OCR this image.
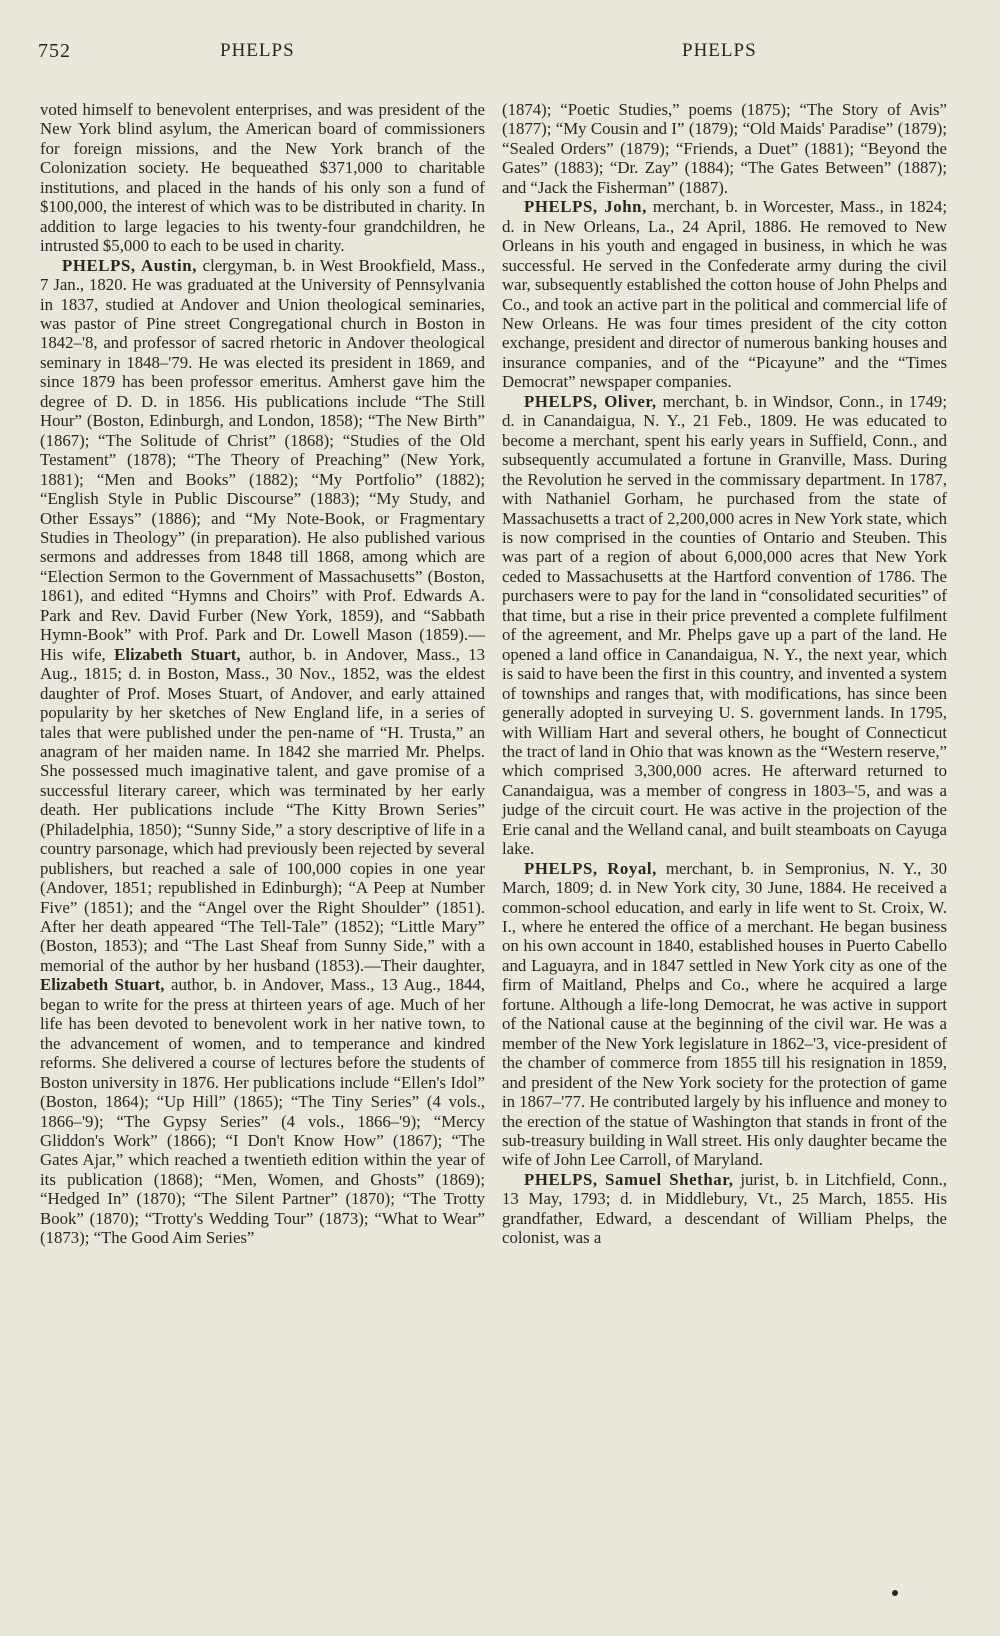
752	PHELPS	PHELPS

voted himself to benevolent enterprises, and was president of the New York blind asylum, the American board of commissioners for foreign missions, and the New York branch of the Colonization society. He bequeathed $371,000 to charitable institutions, and placed in the hands of his only son a fund of $100,000, the interest of which was to be distributed in charity. In addition to large legacies to his twenty-four grandchildren, he intrusted $5,000 to each to be used in charity.

PHELPS, Austin, clergyman, b. in West Brookfield, Mass., 7 Jan., 1820. He was graduated at the University of Pennsylvania in 1837, studied at Andover and Union theological seminaries, was pastor of Pine street Congregational church in Boston in 1842–'8, and professor of sacred rhetoric in Andover theological seminary in 1848–'79. He was elected its president in 1869, and since 1879 has been professor emeritus. Amherst gave him the degree of D. D. in 1856. His publications include “The Still Hour” (Boston, Edinburgh, and London, 1858); “The New Birth” (1867); “The Solitude of Christ” (1868); “Studies of the Old Testament” (1878); “The Theory of Preaching” (New York, 1881); “Men and Books” (1882); “My Portfolio” (1882); “English Style in Public Discourse” (1883); “My Study, and Other Essays” (1886); and “My Note-Book, or Fragmentary Studies in Theology” (in preparation). He also published various sermons and addresses from 1848 till 1868, among which are “Election Sermon to the Government of Massachusetts” (Boston, 1861), and edited “Hymns and Choirs” with Prof. Edwards A. Park and Rev. David Furber (New York, 1859), and “Sabbath Hymn-Book” with Prof. Park and Dr. Lowell Mason (1859).—His wife, Elizabeth Stuart, author, b. in Andover, Mass., 13 Aug., 1815; d. in Boston, Mass., 30 Nov., 1852, was the eldest daughter of Prof. Moses Stuart, of Andover, and early attained popularity by her sketches of New England life, in a series of tales that were published under the pen-name of “H. Trusta,” an anagram of her maiden name. In 1842 she married Mr. Phelps. She possessed much imaginative talent, and gave promise of a successful literary career, which was terminated by her early death. Her publications include “The Kitty Brown Series” (Philadelphia, 1850); “Sunny Side,” a story descriptive of life in a country parsonage, which had previously been rejected by several publishers, but reached a sale of 100,000 copies in one year (Andover, 1851; republished in Edinburgh); “A Peep at Number Five” (1851); and the “Angel over the Right Shoulder” (1851). After her death appeared “The Tell-Tale” (1852); “Little Mary” (Boston, 1853); and “The Last Sheaf from Sunny Side,” with a memorial of the author by her husband (1853).—Their daughter, Elizabeth Stuart, author, b. in Andover, Mass., 13 Aug., 1844, began to write for the press at thirteen years of age. Much of her life has been devoted to benevolent work in her native town, to the advancement of women, and to temperance and kindred reforms. She delivered a course of lectures before the students of Boston university in 1876. Her publications include “Ellen's Idol” (Boston, 1864); “Up Hill” (1865); “The Tiny Series” (4 vols., 1866–'9); “The Gypsy Series” (4 vols., 1866–'9); “Mercy Gliddon's Work” (1866); “I Don't Know How” (1867); “The Gates Ajar,” which reached a twentieth edition within the year of its publication (1868); “Men, Women, and Ghosts” (1869); “Hedged In” (1870); “The Silent Partner” (1870); “The Trotty Book” (1870); “Trotty's Wedding Tour” (1873); “What to Wear” (1873); “The Good Aim Series”

(1874); “Poetic Studies,” poems (1875); “The Story of Avis” (1877); “My Cousin and I” (1879); “Old Maids' Paradise” (1879); “Sealed Orders” (1879); “Friends, a Duet” (1881); “Beyond the Gates” (1883); “Dr. Zay” (1884); “The Gates Between” (1887); and “Jack the Fisherman” (1887).

PHELPS, John, merchant, b. in Worcester, Mass., in 1824; d. in New Orleans, La., 24 April, 1886. He removed to New Orleans in his youth and engaged in business, in which he was successful. He served in the Confederate army during the civil war, subsequently established the cotton house of John Phelps and Co., and took an active part in the political and commercial life of New Orleans. He was four times president of the city cotton exchange, president and director of numerous banking houses and insurance companies, and of the “Picayune” and the “Times Democrat” newspaper companies.

PHELPS, Oliver, merchant, b. in Windsor, Conn., in 1749; d. in Canandaigua, N. Y., 21 Feb., 1809. He was educated to become a merchant, spent his early years in Suffield, Conn., and subsequently accumulated a fortune in Granville, Mass. During the Revolution he served in the commissary department. In 1787, with Nathaniel Gorham, he purchased from the state of Massachusetts a tract of 2,200,000 acres in New York state, which is now comprised in the counties of Ontario and Steuben. This was part of a region of about 6,000,000 acres that New York ceded to Massachusetts at the Hartford convention of 1786. The purchasers were to pay for the land in “consolidated securities” of that time, but a rise in their price prevented a complete fulfilment of the agreement, and Mr. Phelps gave up a part of the land. He opened a land office in Canandaigua, N. Y., the next year, which is said to have been the first in this country, and invented a system of townships and ranges that, with modifications, has since been generally adopted in surveying U. S. government lands. In 1795, with William Hart and several others, he bought of Connecticut the tract of land in Ohio that was known as the “Western reserve,” which comprised 3,300,000 acres. He afterward returned to Canandaigua, was a member of congress in 1803–'5, and was a judge of the circuit court. He was active in the projection of the Erie canal and the Welland canal, and built steamboats on Cayuga lake.

PHELPS, Royal, merchant, b. in Sempronius, N. Y., 30 March, 1809; d. in New York city, 30 June, 1884. He received a common-school education, and early in life went to St. Croix, W. I., where he entered the office of a merchant. He began business on his own account in 1840, established houses in Puerto Cabello and Laguayra, and in 1847 settled in New York city as one of the firm of Maitland, Phelps and Co., where he acquired a large fortune. Although a life-long Democrat, he was active in support of the National cause at the beginning of the civil war. He was a member of the New York legislature in 1862–'3, vice-president of the chamber of commerce from 1855 till his resignation in 1859, and president of the New York society for the protection of game in 1867–'77. He contributed largely by his influence and money to the erection of the statue of Washington that stands in front of the sub-treasury building in Wall street. His only daughter became the wife of John Lee Carroll, of Maryland.

PHELPS, Samuel Shethar, jurist, b. in Litchfield, Conn., 13 May, 1793; d. in Middlebury, Vt., 25 March, 1855. His grandfather, Edward, a descendant of William Phelps, the colonist, was a
